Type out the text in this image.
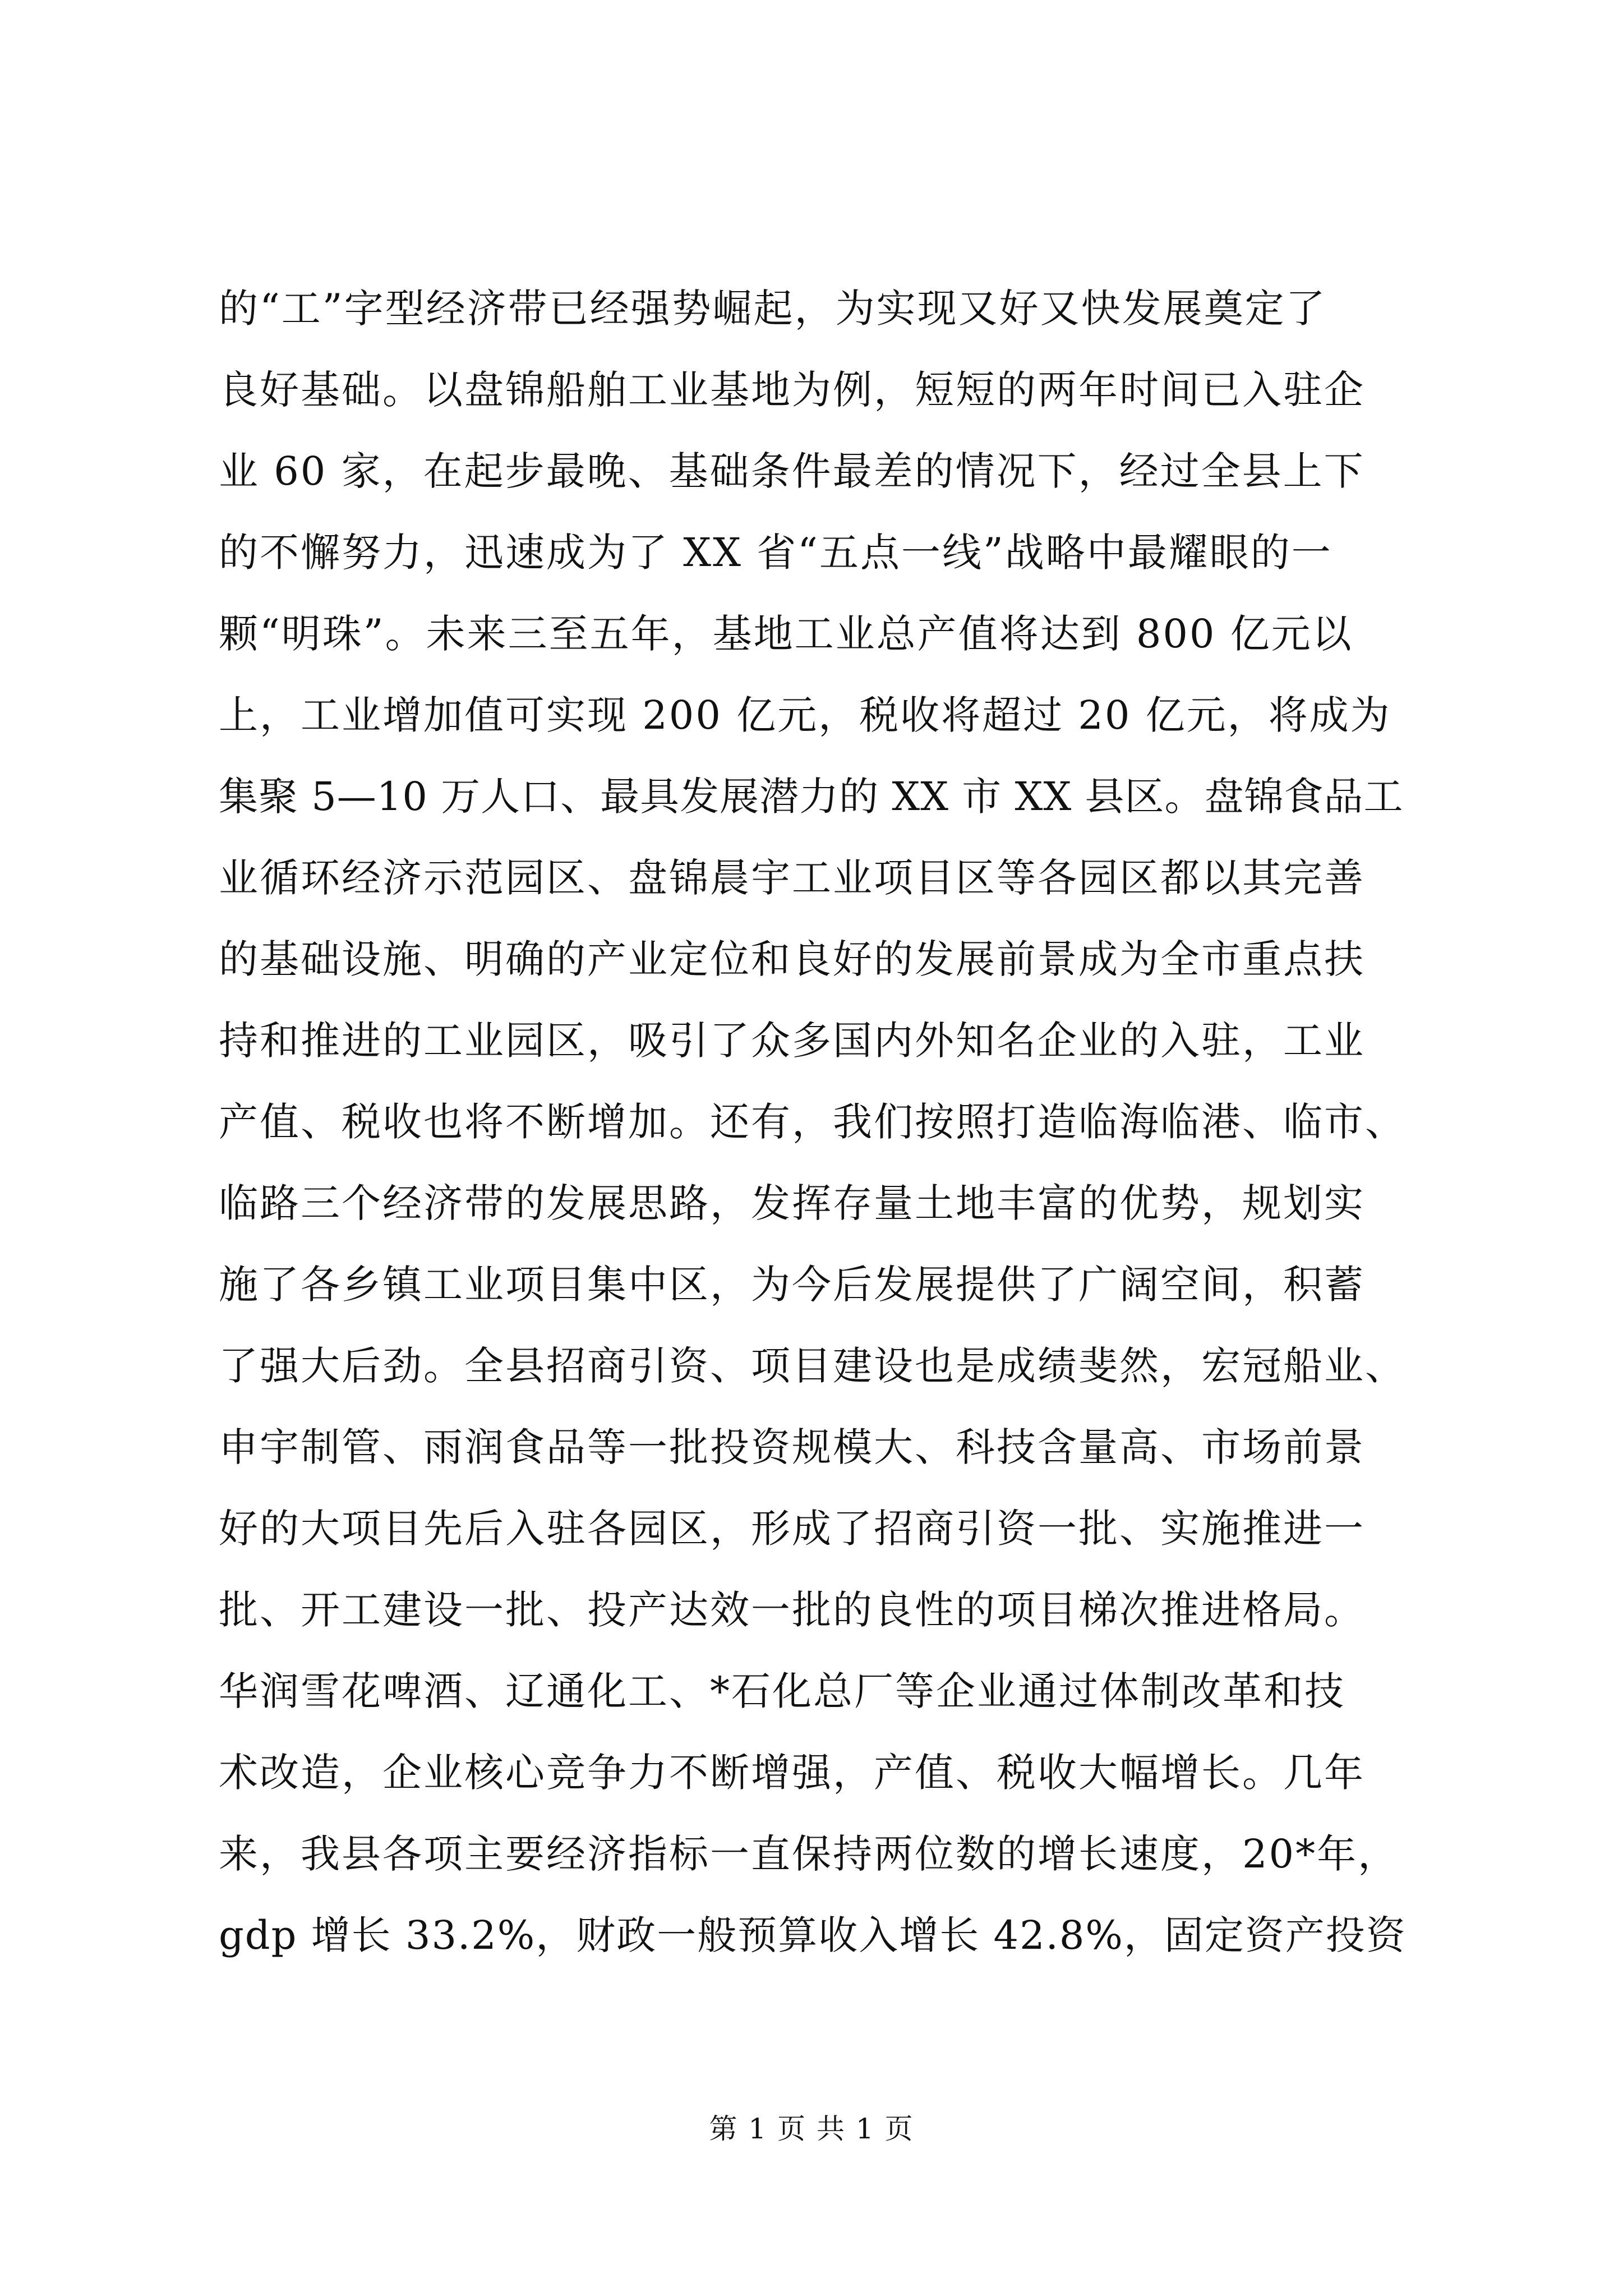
的“工”字型经济带已经强势崛起，为实现又好又快发展奠定了
良好基础。以盘锦船舶工业基地为例，短短的两年时间已入驻企
业 60 家，在起步最晚、基础条件最差的情况下，经过全县上下
的不懈努力，迅速成为了 XX 省“五点一线”战略中最耀眼的一
颗“明珠”。未来三至五年，基地工业总产值将达到 800 亿元以
上，工业增加值可实现 200 亿元，税收将超过 20 亿元，将成为
集聚 5—10 万人口、最具发展潜力的 XX 市 XX 县区。盘锦食品工
业循环经济示范园区、盘锦晨宇工业项目区等各园区都以其完善
的基础设施、明确的产业定位和良好的发展前景成为全市重点扶
持和推进的工业园区，吸引了众多国内外知名企业的入驻，工业
产值、税收也将不断增加。还有，我们按照打造临海临港、临市、
临路三个经济带的发展思路，发挥存量土地丰富的优势，规划实
施了各乡镇工业项目集中区，为今后发展提供了广阔空间，积蓄
了强大后劲。全县招商引资、项目建设也是成绩斐然，宏冠船业、
申宇制管、雨润食品等一批投资规模大、科技含量高、市场前景
好的大项目先后入驻各园区，形成了招商引资一批、实施推进一
批、开工建设一批、投产达效一批的良性的项目梯次推进格局。
华润雪花啤酒、辽通化工、*石化总厂等企业通过体制改革和技
术改造，企业核心竞争力不断增强，产值、税收大幅增长。几年
来，我县各项主要经济指标一直保持两位数的增长速度，20*年，
gdp 增长 33.2%，财政一般预算收入增长 42.8%，固定资产投资
第 1 页 共 1 页
